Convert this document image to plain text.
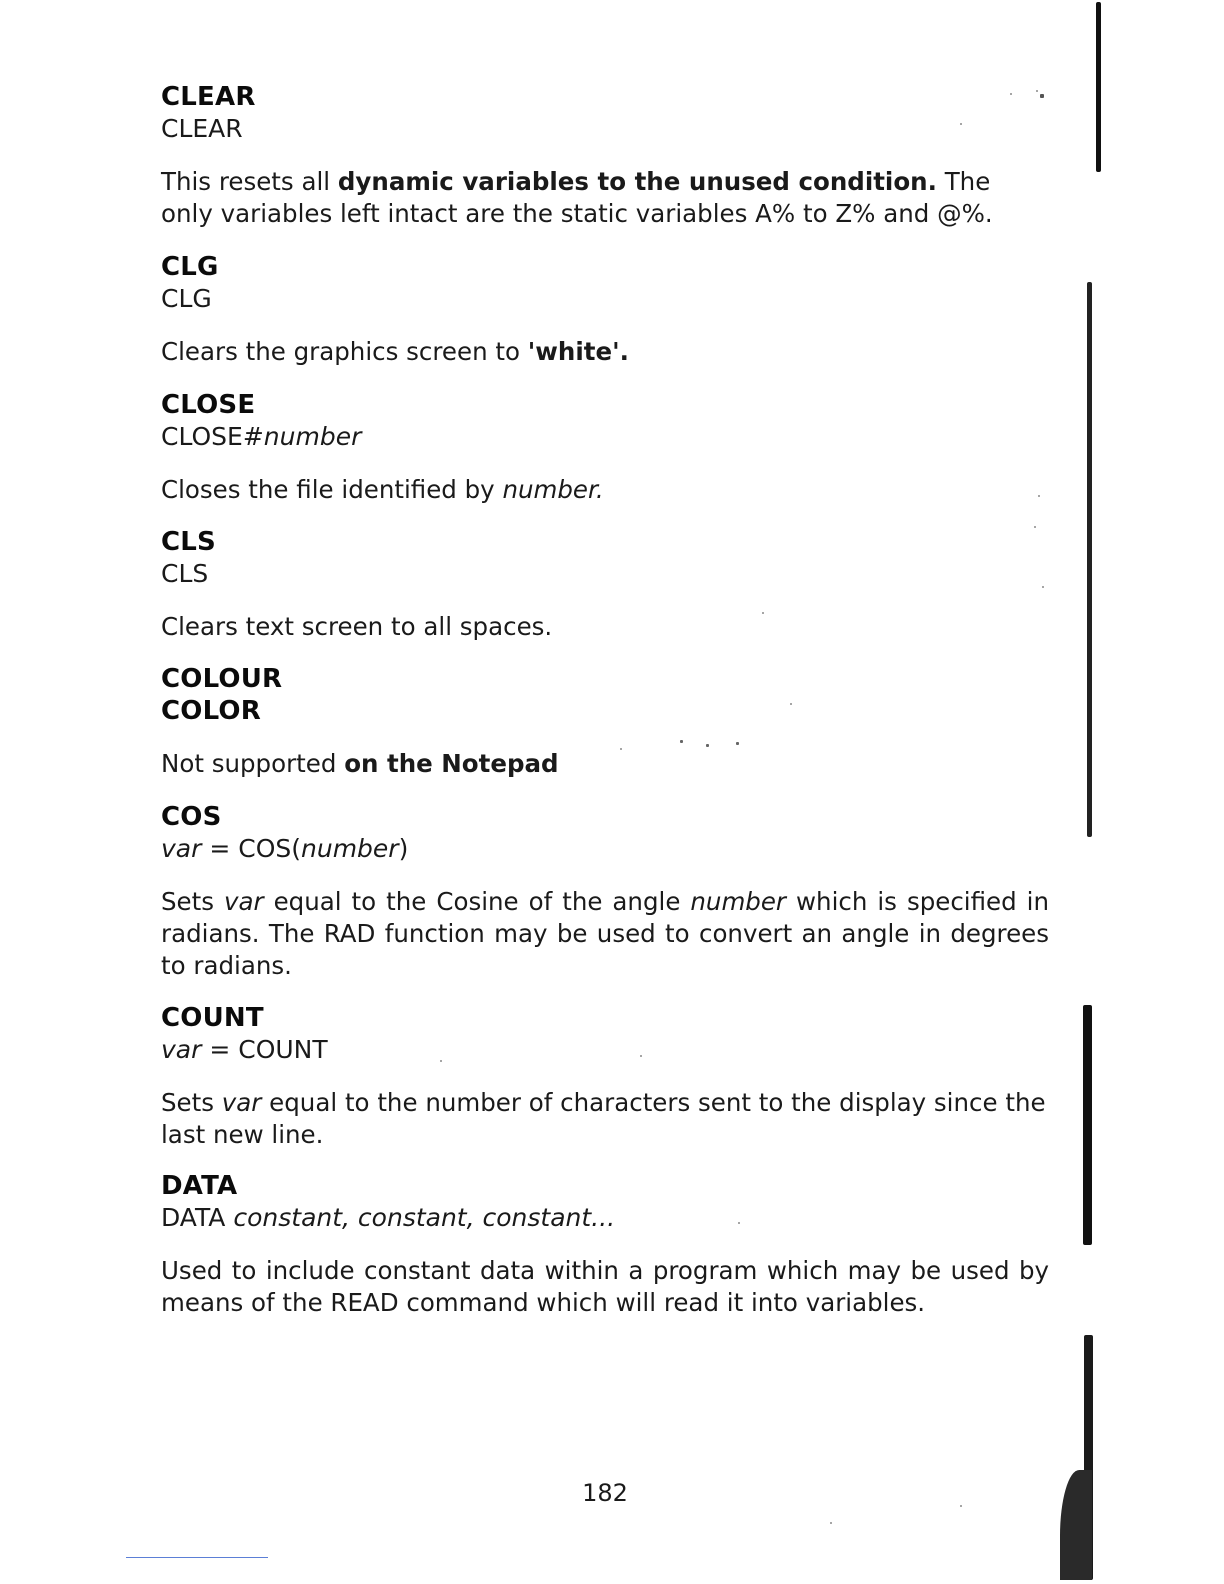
CLEAR
CLEAR
This resets all dynamic variables to the unused condition. The only variables left intact are the static variables A% to Z% and @%.
CLG
CLG
Clears the graphics screen to 'white'.
CLOSE
CLOSE#number
Closes the file identified by number.
CLS
CLS
Clears text screen to all spaces.
COLOUR
COLOR
Not supported on the Notepad
COS
var = COS(number)
Sets var equal to the Cosine of the angle number which is specified in radians. The RAD function may be used to convert an angle in degrees to radians.
COUNT
var = COUNT
Sets var equal to the number of characters sent to the display since the last new line.
DATA
DATA constant, constant, constant...
Used to include constant data within a program which may be used by means of the READ command which will read it into variables.
182
